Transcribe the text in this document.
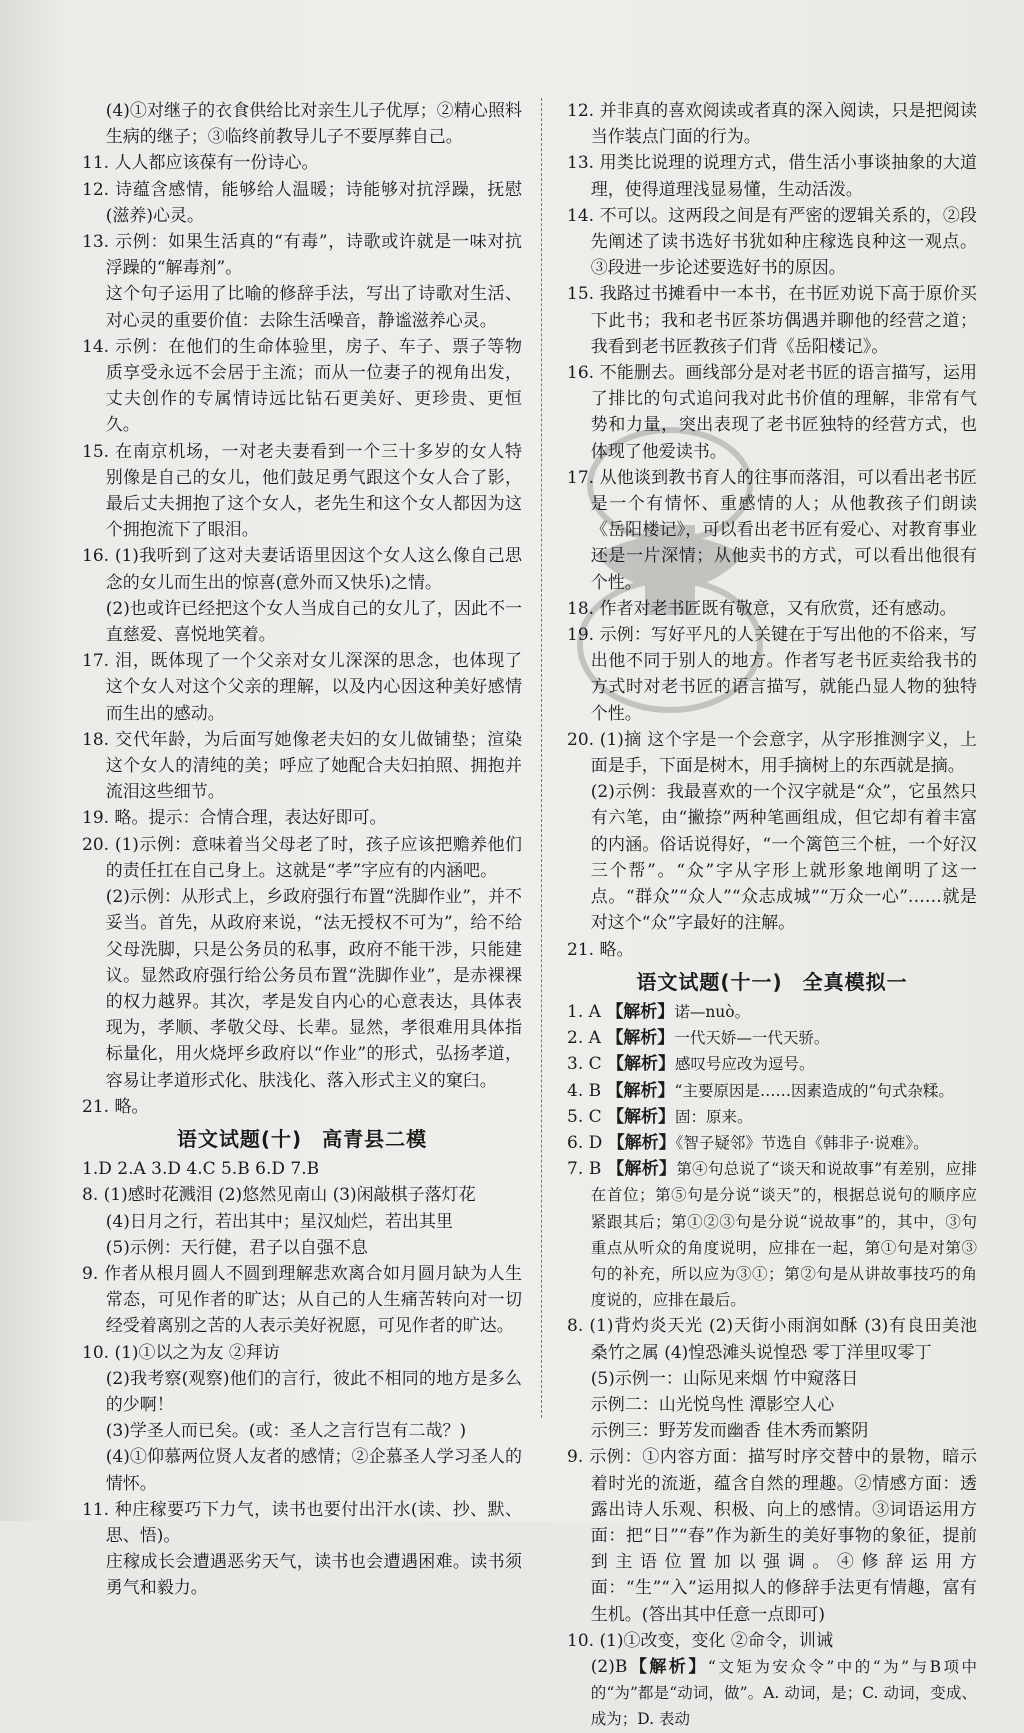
(4)①对继子的衣食供给比对亲生儿子优厚；②精心照料生病的继子；③临终前教导儿子不要厚葬自己。

11. 人人都应该葆有一份诗心。

12. 诗蕴含感情，能够给人温暖；诗能够对抗浮躁，抚慰(滋养)心灵。

13. 示例：如果生活真的“有毒”，诗歌或许就是一味对抗浮躁的“解毒剂”。

这个句子运用了比喻的修辞手法，写出了诗歌对生活、对心灵的重要价值：去除生活噪音，静谧滋养心灵。

14. 示例：在他们的生命体验里，房子、车子、票子等物质享受永远不会居于主流；而从一位妻子的视角出发，丈夫创作的专属情诗远比钻石更美好、更珍贵、更恒久。

15. 在南京机场，一对老夫妻看到一个三十多岁的女人特别像是自己的女儿，他们鼓足勇气跟这个女人合了影，最后丈夫拥抱了这个女人，老先生和这个女人都因为这个拥抱流下了眼泪。

16. (1)我听到了这对夫妻话语里因这个女人这么像自己思念的女儿而生出的惊喜(意外而又快乐)之情。

(2)也或许已经把这个女人当成自己的女儿了，因此不一直慈爱、喜悦地笑着。

17. 泪，既体现了一个父亲对女儿深深的思念，也体现了这个女人对这个父亲的理解，以及内心因这种美好感情而生出的感动。

18. 交代年龄，为后面写她像老夫妇的女儿做铺垫；渲染这个女人的清纯的美；呼应了她配合夫妇拍照、拥抱并流泪这些细节。

19. 略。提示：合情合理，表达好即可。

20. (1)示例：意味着当父母老了时，孩子应该把赡养他们的责任扛在自己身上。这就是“孝”字应有的内涵吧。

(2)示例：从形式上，乡政府强行布置“洗脚作业”，并不妥当。首先，从政府来说，“法无授权不可为”，给不给父母洗脚，只是公务员的私事，政府不能干涉，只能建议。显然政府强行给公务员布置“洗脚作业”，是赤裸裸的权力越界。其次，孝是发自内心的心意表达，具体表现为，孝顺、孝敬父母、长辈。显然，孝很难用具体指标量化，用火烧坪乡政府以“作业”的形式，弘扬孝道，容易让孝道形式化、肤浅化、落入形式主义的窠臼。

21. 略。

语文试题(十) 高青县二模

1.D 2.A 3.D 4.C 5.B 6.D 7.B

8. (1)感时花溅泪 (2)悠然见南山 (3)闲敲棋子落灯花

(4)日月之行，若出其中；星汉灿烂，若出其里

(5)示例：天行健，君子以自强不息

9. 作者从根月圆人不圆到理解悲欢离合如月圆月缺为人生常态，可见作者的旷达；从自己的人生痛苦转向对一切经受着离别之苦的人表示美好祝愿，可见作者的旷达。

10. (1)①以之为友 ②拜访

(2)我考察(观察)他们的言行，彼此不相同的地方是多么的少啊！

(3)学圣人而已矣。(或：圣人之言行岂有二哉？)

(4)①仰慕两位贤人友者的感情；②企慕圣人学习圣人的情怀。

11. 种庄稼要巧下力气，读书也要付出汗水(读、抄、默、思、悟)。

庄稼成长会遭遇恶劣天气，读书也会遭遇困难。读书须勇气和毅力。

12. 并非真的喜欢阅读或者真的深入阅读，只是把阅读当作装点门面的行为。

13. 用类比说理的说理方式，借生活小事谈抽象的大道理，使得道理浅显易懂，生动活泼。

14. 不可以。这两段之间是有严密的逻辑关系的，②段先阐述了读书选好书犹如种庄稼选良种这一观点。③段进一步论述要选好书的原因。

15. 我路过书摊看中一本书，在书匠劝说下高于原价买下此书；我和老书匠茶坊偶遇并聊他的经营之道；我看到老书匠教孩子们背《岳阳楼记》。

16. 不能删去。画线部分是对老书匠的语言描写，运用了排比的句式追问我对此书价值的理解，非常有气势和力量，突出表现了老书匠独特的经营方式，也体现了他爱读书。

17. 从他谈到教书育人的往事而落泪，可以看出老书匠是一个有情怀、重感情的人；从他教孩子们朗读《岳阳楼记》，可以看出老书匠有爱心、对教育事业还是一片深情；从他卖书的方式，可以看出他很有个性。

18. 作者对老书匠既有敬意，又有欣赏，还有感动。

19. 示例：写好平凡的人关键在于写出他的不俗来，写出他不同于别人的地方。作者写老书匠卖给我书的方式时对老书匠的语言描写，就能凸显人物的独特个性。

20. (1)摘 这个字是一个会意字，从字形推测字义，上面是手，下面是树木，用手摘树上的东西就是摘。

(2)示例：我最喜欢的一个汉字就是“众”，它虽然只有六笔，由“撇捺”两种笔画组成，但它却有着丰富的内涵。俗话说得好，“一个篱笆三个桩，一个好汉三个帮”。“众”字从字形上就形象地阐明了这一点。“群众”“众人”“众志成城”“万众一心”……就是对这个“众”字最好的注解。

21. 略。

语文试题(十一) 全真模拟一

1. A 【解析】诺—nuò。

2. A 【解析】一代天娇—一代天骄。

3. C 【解析】感叹号应改为逗号。

4. B 【解析】“主要原因是……因素造成的”句式杂糅。

5. C 【解析】固：原来。

6. D 【解析】《智子疑邻》节选自《韩非子·说难》。

7. B 【解析】第④句总说了“谈天和说故事”有差别，应排在首位；第⑤句是分说“谈天”的，根据总说句的顺序应紧跟其后；第①②③句是分说“说故事”的，其中，③句重点从听众的角度说明，应排在一起，第①句是对第③句的补充，所以应为③①；第②句是从讲故事技巧的角度说的，应排在最后。

8. (1)背灼炎天光 (2)天街小雨润如酥 (3)有良田美池桑竹之属 (4)惶恐滩头说惶恐 零丁洋里叹零丁

(5)示例一：山际见来烟 竹中窥落日

示例二：山光悦鸟性 潭影空人心

示例三：野芳发而幽香 佳木秀而繁阴

9. 示例：①内容方面：描写时序交替中的景物，暗示着时光的流逝，蕴含自然的理趣。②情感方面：透露出诗人乐观、积极、向上的感情。③词语运用方面：把“日”“春”作为新生的美好事物的象征，提前到主语位置加以强调。④修辞运用方面：“生”“入”运用拟人的修辞手法更有情趣，富有生机。(答出其中任意一点即可)

10. (1)①改变，变化 ②命令，训诫

(2)B【解析】“文矩为安众令”中的“为”与B项中的“为”都是“动词，做”。A. 动词，是；C. 动词，变成、成为；D. 表动
